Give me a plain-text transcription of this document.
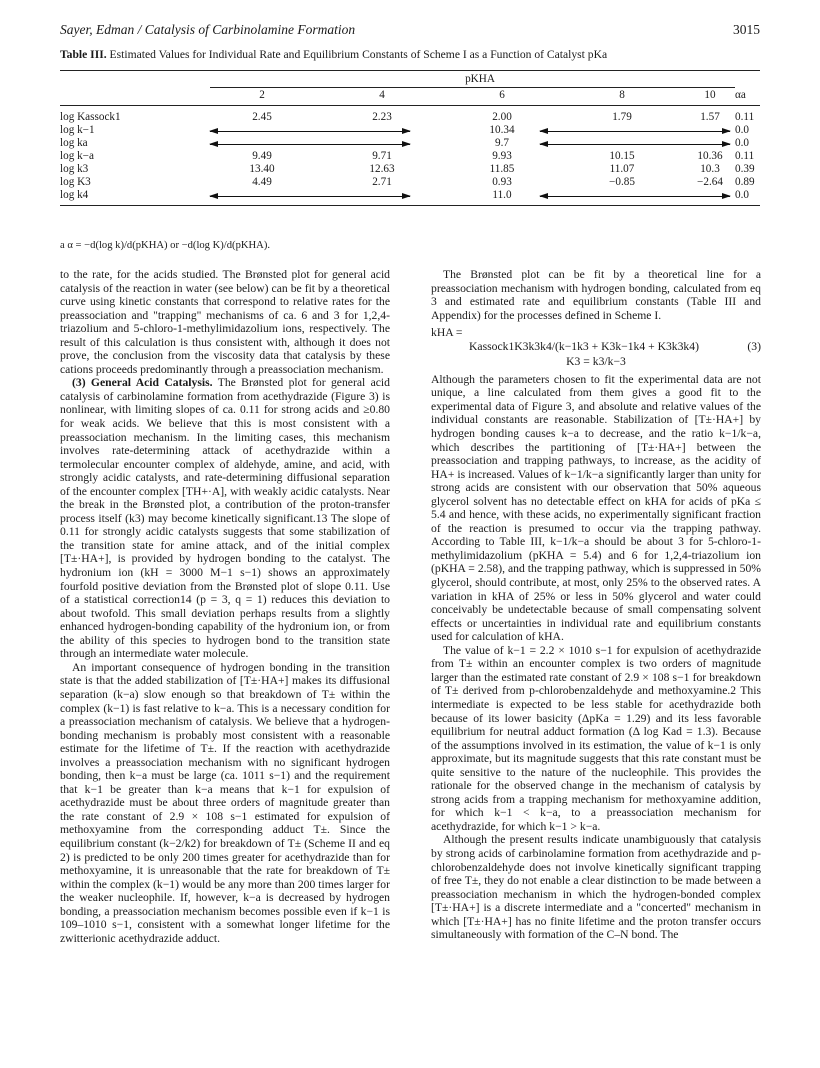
Sayer, Edman / Catalysis of Carbinolamine Formation	3015
Table III. Estimated Values for Individual Rate and Equilibrium Constants of Scheme I as a Function of Catalyst pKa
pKHA
2	4	6	8	10 αa
log Kassock1	2.45	2.23	2.00	1.79	1.57 0.11
log k−1	10.34	0.0
log ka	9.7	0.0
log k−a	9.49	9.71	9.93	10.15	10.36 0.11
log k3	13.40	12.63	11.85	11.07	10.3 0.39
log K3	4.49	2.71	0.93	−0.85	−2.64 0.89
log k4	11.0	0.0
a α = −d(log k)/d(pKHA) or −d(log K)/d(pKHA).

to the rate, for the acids studied. The Brønsted plot for general acid catalysis of the reaction in water (see below) can be fit by a theoretical curve using kinetic constants that correspond to relative rates for the preassociation and "trapping" mechanisms of ca. 6 and 3 for 1,2,4-triazolium and 5-chloro-1-methylimidazolium ions, respectively. The result of this calculation is thus consistent with, although it does not prove, the conclusion from the viscosity data that catalysis by these cations proceeds predominantly through a preassociation mechanism.

(3) General Acid Catalysis. The Brønsted plot for general acid catalysis of carbinolamine formation from acethydrazide (Figure 3) is nonlinear, with limiting slopes of ca. 0.11 for strong acids and ≥0.80 for weak acids. We believe that this is most consistent with a preassociation mechanism. In the limiting cases, this mechanism involves rate-determining attack of acethydrazide within a termolecular encounter complex of aldehyde, amine, and acid, with strongly acidic catalysts, and rate-determining diffusional separation of the encounter complex [TH+·A], with weakly acidic catalysts. Near the break in the Brønsted plot, a contribution of the proton-transfer process itself (k3) may become kinetically significant.13 The slope of 0.11 for strongly acidic catalysts suggests that some stabilization of the transition state for amine attack, and of the initial complex [T±·HA+], is provided by hydrogen bonding to the catalyst. The hydronium ion (kH = 3000 M−1 s−1) shows an approximately fourfold positive deviation from the Brønsted plot of slope 0.11. Use of a statistical correction14 (p = 3, q = 1) reduces this deviation to about twofold. This small deviation perhaps results from a slightly enhanced hydrogen-bonding capability of the hydronium ion, or from the ability of this species to hydrogen bond to the transition state through an intermediate water molecule.

An important consequence of hydrogen bonding in the transition state is that the added stabilization of [T±·HA+] makes its diffusional separation (k−a) slow enough so that breakdown of T± within the complex (k−1) is fast relative to k−a. This is a necessary condition for a preassociation mechanism of catalysis. We believe that a hydrogen-bonding mechanism is probably most consistent with a reasonable estimate for the lifetime of T±. If the reaction with acethydrazide involves a preassociation mechanism with no significant hydrogen bonding, then k−a must be large (ca. 1011 s−1) and the requirement that k−1 be greater than k−a means that k−1 for expulsion of acethydrazide must be about three orders of magnitude greater than the rate constant of 2.9 × 108 s−1 estimated for expulsion of methoxyamine from the corresponding adduct T±. Since the equilibrium constant (k−2/k2) for breakdown of T± (Scheme II and eq 2) is predicted to be only 200 times greater for acethydrazide than for methoxyamine, it is unreasonable that the rate for breakdown of T± within the complex (k−1) would be any more than 200 times larger for the weaker nucleophile. If, however, k−a is decreased by hydrogen bonding, a preassociation mechanism becomes possible even if k−1 is 109–1010 s−1, consistent with a somewhat longer lifetime for the zwitterionic acethydrazide adduct.

The Brønsted plot can be fit by a theoretical line for a preassociation mechanism with hydrogen bonding, calculated from eq 3 and estimated rate and equilibrium constants (Table III and Appendix) for the processes defined in Scheme I.

kHA =
Kassock1K3k3k4/(k−1k3 + K3k−1k4 + K3k3k4)	(3)
K3 = k3/k−3

Although the parameters chosen to fit the experimental data are not unique, a line calculated from them gives a good fit to the experimental data of Figure 3, and absolute and relative values of the individual constants are reasonable. Stabilization of [T±·HA+] by hydrogen bonding causes k−a to decrease, and the ratio k−1/k−a, which describes the partitioning of [T±·HA+] between the preassociation and trapping pathways, to increase, as the acidity of HA+ is increased. Values of k−1/k−a significantly larger than unity for strong acids are consistent with our observation that 50% aqueous glycerol solvent has no detectable effect on kHA for acids of pKa ≤ 5.4 and hence, with these acids, no experimentally significant fraction of the reaction is presumed to occur via the trapping pathway. According to Table III, k−1/k−a should be about 3 for 5-chloro-1-methylimidazolium (pKHA = 5.4) and 6 for 1,2,4-triazolium ion (pKHA = 2.58), and the trapping pathway, which is suppressed in 50% glycerol, should contribute, at most, only 25% to the observed rates. A variation in kHA of 25% or less in 50% glycerol and water could conceivably be undetectable because of small compensating solvent effects or uncertainties in individual rate and equilibrium constants used for calculation of kHA.

The value of k−1 = 2.2 × 1010 s−1 for expulsion of acethydrazide from T± within an encounter complex is two orders of magnitude larger than the estimated rate constant of 2.9 × 108 s−1 for breakdown of T± derived from p-chlorobenzaldehyde and methoxyamine.2 This intermediate is expected to be less stable for acethydrazide both because of its lower basicity (ΔpKa = 1.29) and its less favorable equilibrium for neutral adduct formation (Δ log Kad = 1.3). Because of the assumptions involved in its estimation, the value of k−1 is only approximate, but its magnitude suggests that this rate constant must be quite sensitive to the nature of the nucleophile. This provides the rationale for the observed change in the mechanism of catalysis by strong acids from a trapping mechanism for methoxyamine addition, for which k−1 < k−a, to a preassociation mechanism for acethydrazide, for which k−1 > k−a.

Although the present results indicate unambiguously that catalysis by strong acids of carbinolamine formation from acethydrazide and p-chlorobenzaldehyde does not involve kinetically significant trapping of free T±, they do not enable a clear distinction to be made between a preassociation mechanism in which the hydrogen-bonded complex [T±·HA+] is a discrete intermediate and a "concerted" mechanism in which [T±·HA+] has no finite lifetime and the proton transfer occurs simultaneously with formation of the C–N bond. The
